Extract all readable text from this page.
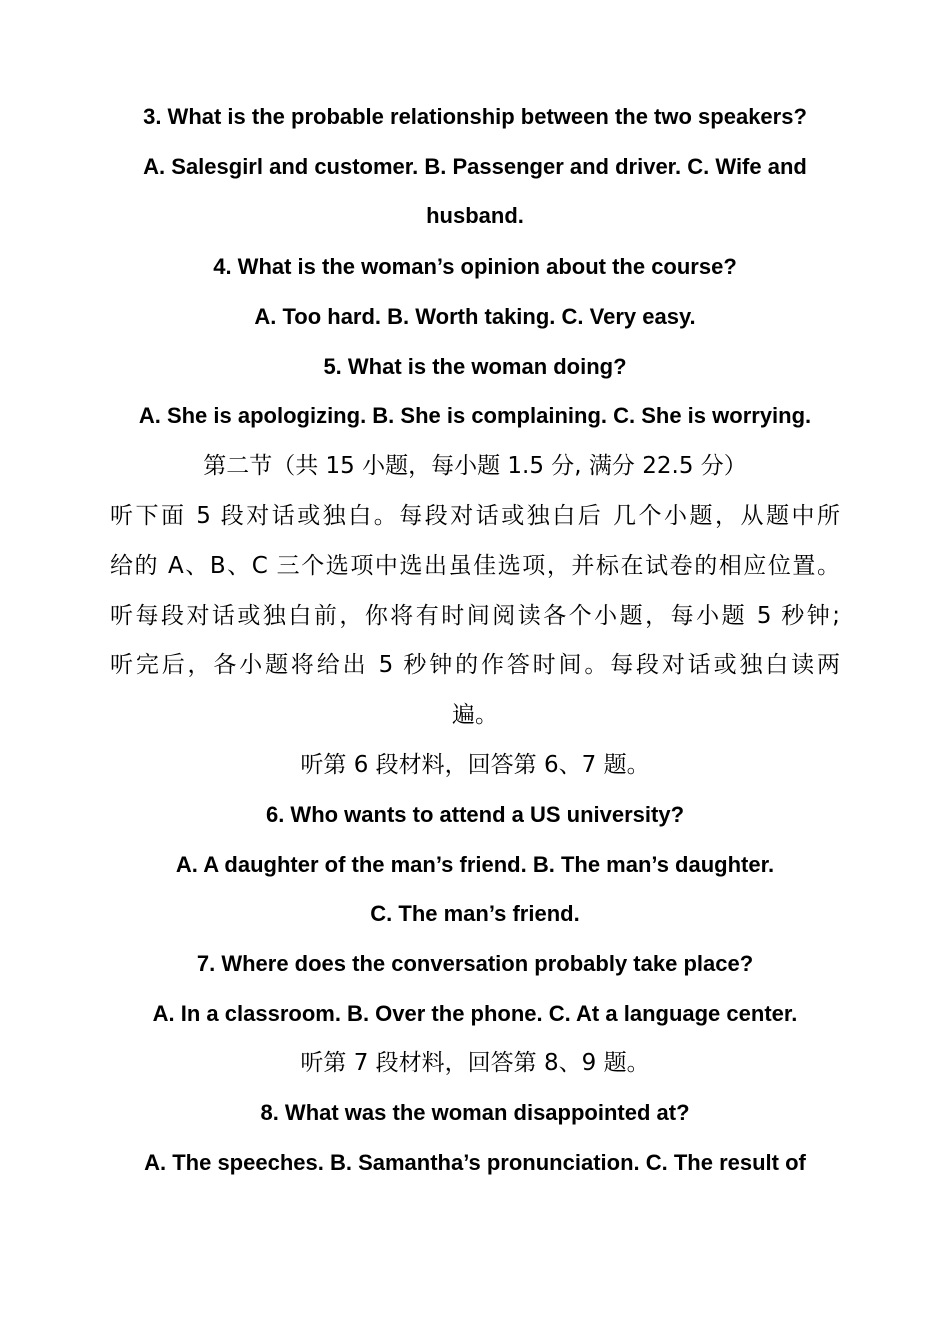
3. What is the probable relationship between the two speakers?
A. Salesgirl and customer. B. Passenger and driver. C. Wife and
husband.
4. What is the woman’s opinion about the course?
A. Too hard. B. Worth taking. C. Very easy.
5. What is the woman doing?
A. She is apologizing. B. She is complaining. C. She is worrying.
第二节（共 15 小题，每小题 1.5 分, 满分 22.5 分）
听下面 5 段对话或独白。每段对话或独白后 几个小题，从题中所
给的 A、B、C 三个选项中选出虽佳选项，并标在试卷的相应位置。
听每段对话或独白前，你将有时间阅读各个小题，每小题 5 秒钟;
听完后，各小题将给出 5 秒钟的作答时间。每段对话或独白读两
遍。
听第 6 段材料，回答第 6、7 题。
6. Who wants to attend a US university?
A. A daughter of the man’s friend. B. The man’s daughter.
C. The man’s friend.
7. Where does the conversation probably take place?
A. In a classroom. B. Over the phone. C. At a language center.
听第 7 段材料，回答第 8、9 题。
8. What was the woman disappointed at?
A. The speeches. B. Samantha’s pronunciation. C. The result of
